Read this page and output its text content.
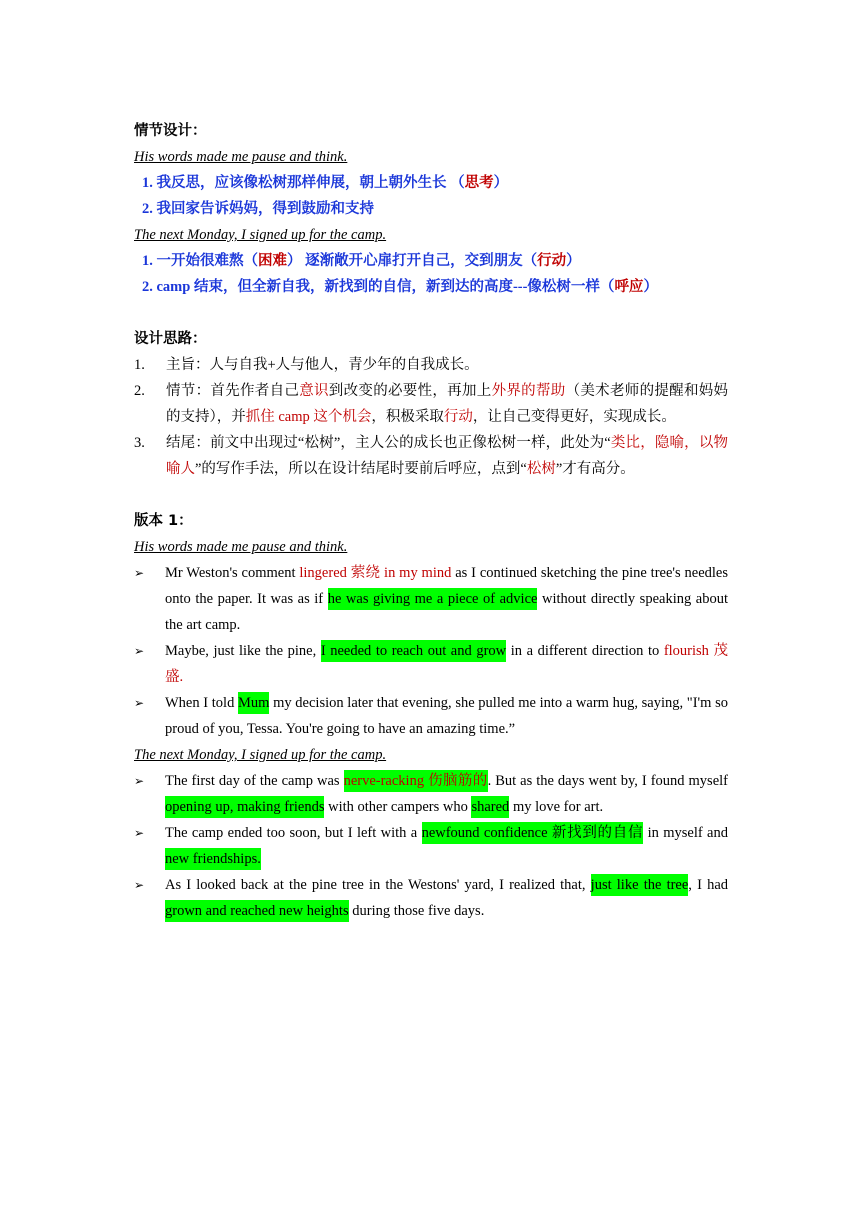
情节设计：
His words made me pause and think.
1. 我反思，应该像松树那样伸展，朝上朝外生长 （思考）
2. 我回家告诉妈妈，得到鼓励和支持
The next Monday, I signed up for the camp.
1. 一开始很难熬（困难） 逐渐敞开心扉打开自己，交到朋友（行动）
2. camp 结束，但全新自我，新找到的自信，新到达的高度---像松树一样（呼应）
设计思路：
1. 主旨：人与自我+人与他人，青少年的自我成长。
2. 情节：首先作者自己意识到改变的必要性，再加上外界的帮助（美术老师的提醒和妈妈的支持），并抓住 camp 这个机会，积极采取行动，让自己变得更好，实现成长。
3. 结尾：前文中出现过“松树”，主人公的成长也正像松树一样，此处为“类比，隐喻，以物喻人”的写作手法，所以在设计结尾时要前后呼应，点到“松树”才有高分。
版本 1：
His words made me pause and think.
➢ Mr Weston's comment lingered 萦绕 in my mind as I continued sketching the pine tree's needles onto the paper. It was as if he was giving me a piece of advice without directly speaking about the art camp.
➢ Maybe, just like the pine, I needed to reach out and grow in a different direction to flourish 茂盛.
➢ When I told Mum my decision later that evening, she pulled me into a warm hug, saying, "I'm so proud of you, Tessa. You're going to have an amazing time.”
The next Monday, I signed up for the camp.
➢ The first day of the camp was nerve-racking 伤脑筋的. But as the days went by, I found myself opening up, making friends with other campers who shared my love for art.
➢ The camp ended too soon, but I left with a newfound confidence 新找到的自信 in myself and new friendships.
➢ As I looked back at the pine tree in the Westons' yard, I realized that, just like the tree, I had grown and reached new heights during those five days.
